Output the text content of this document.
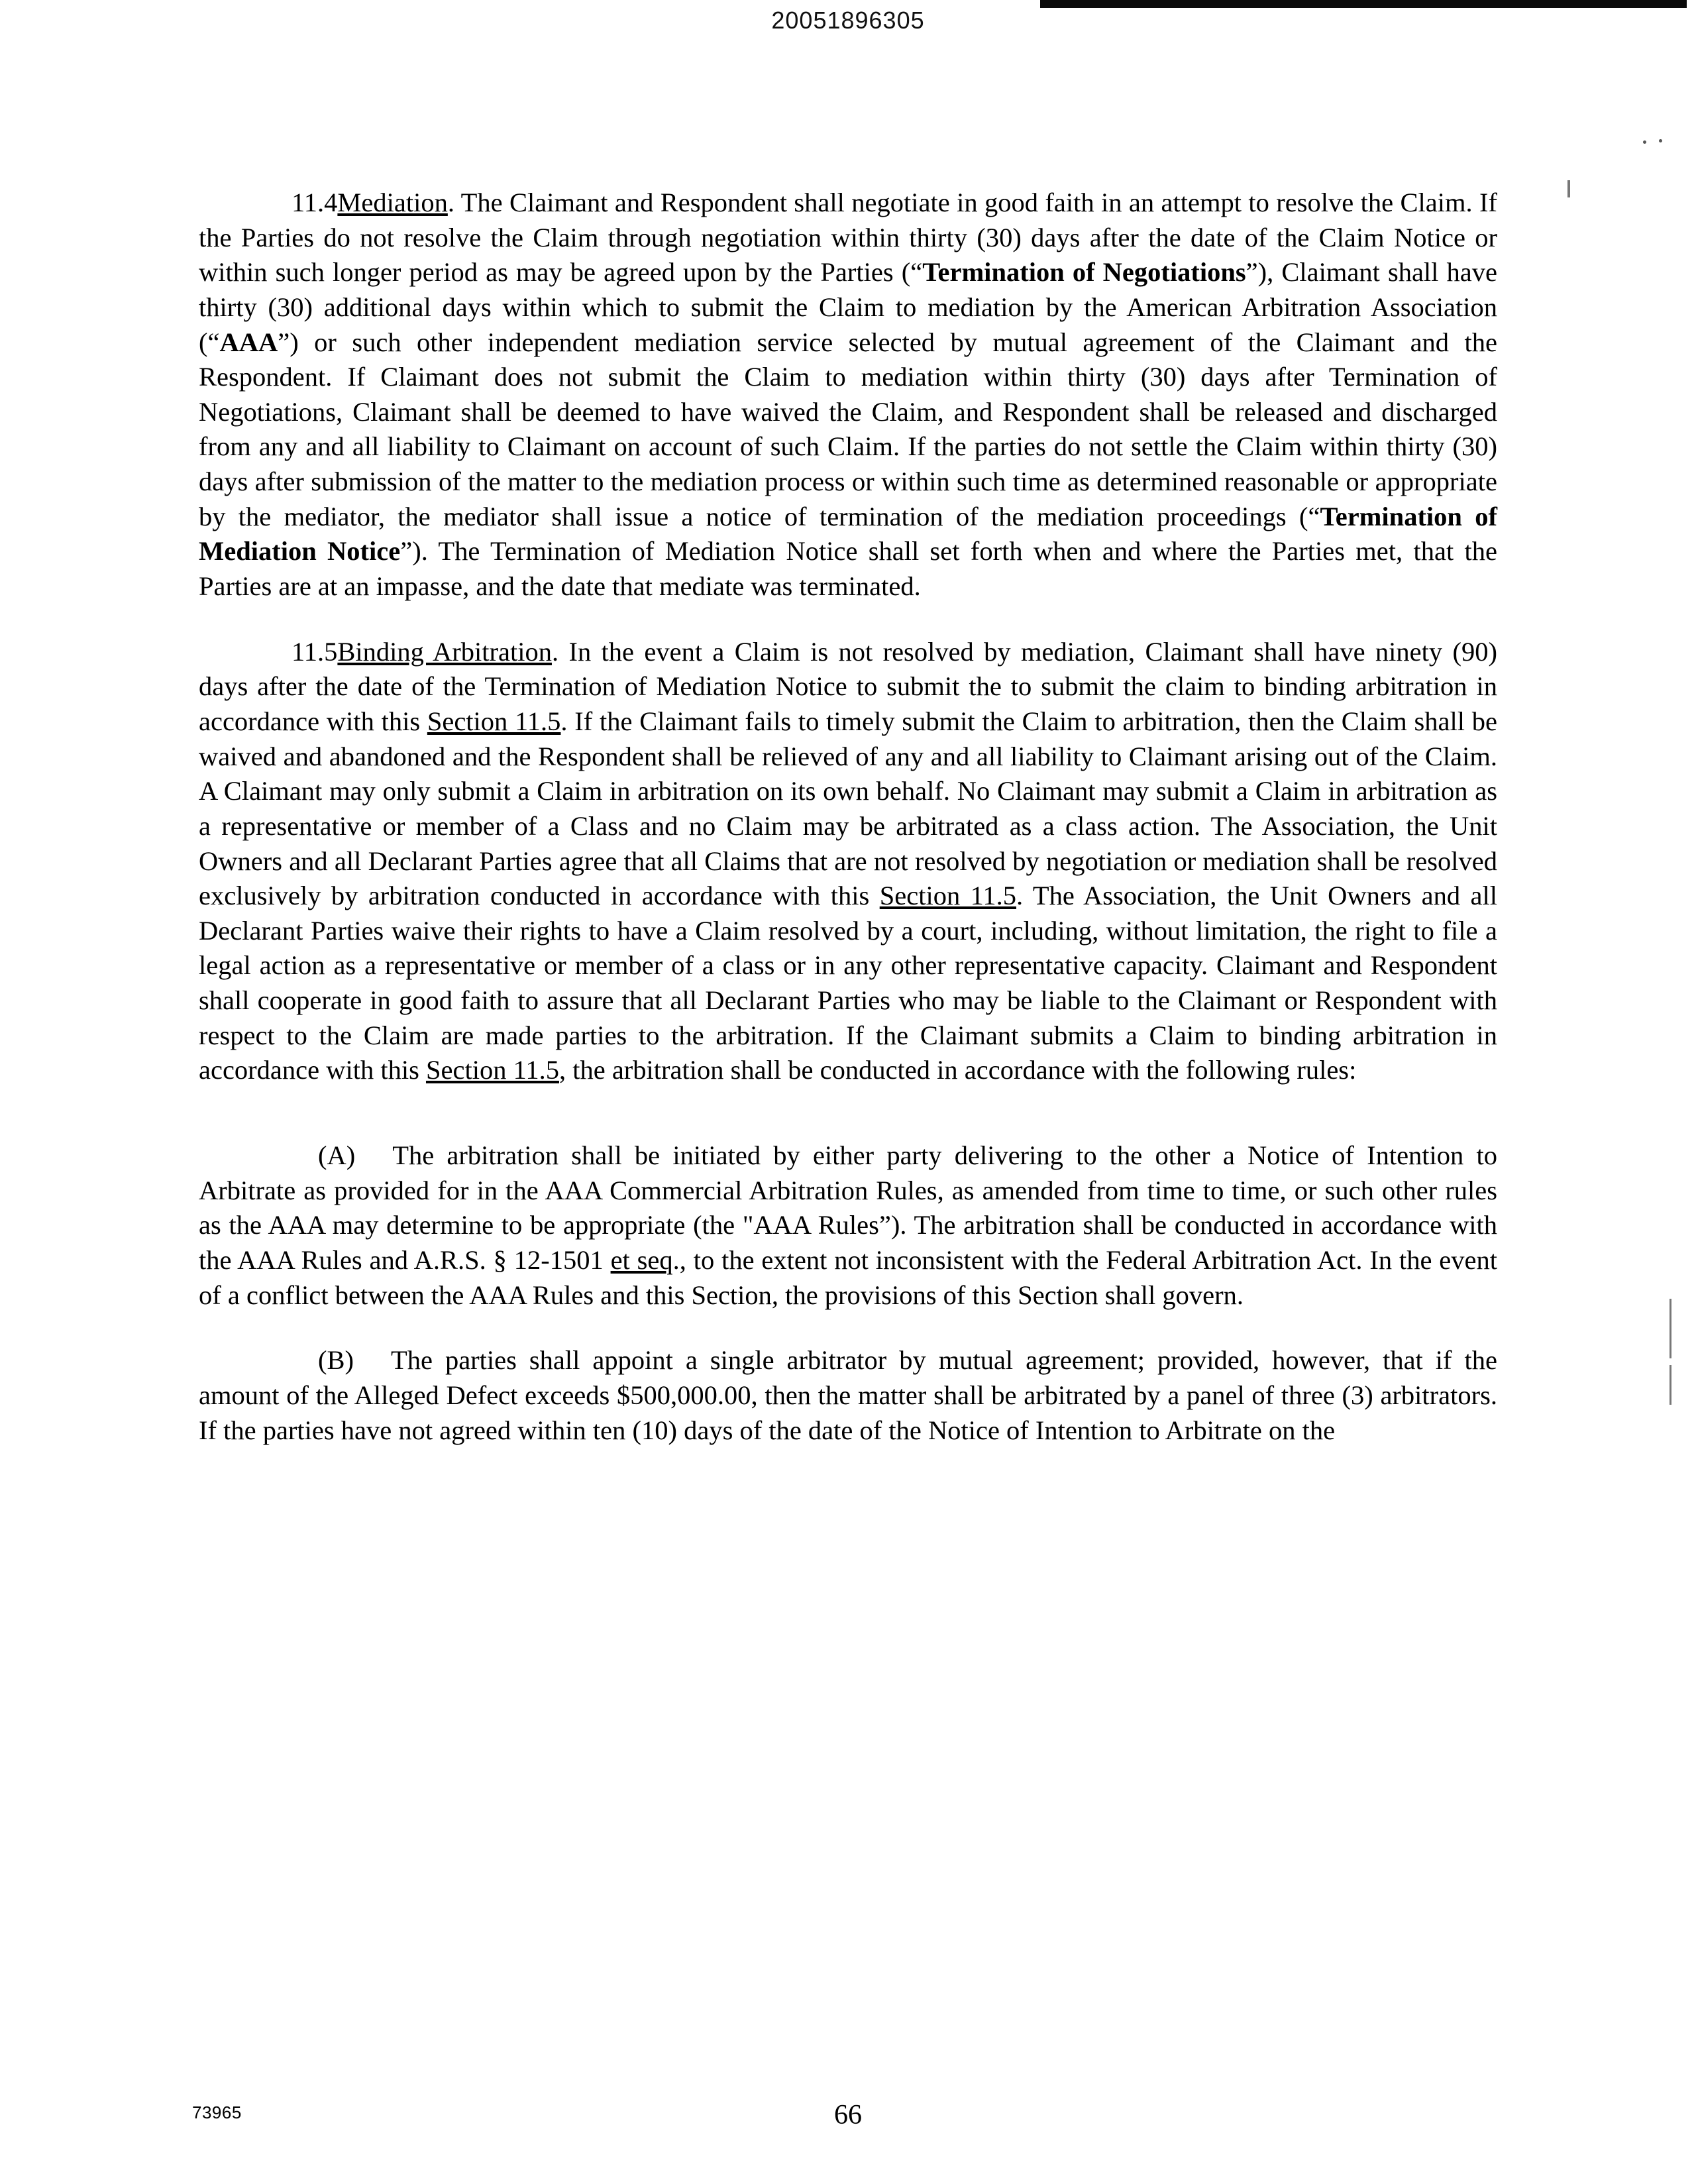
20051896305

11.4Mediation. The Claimant and Respondent shall negotiate in good faith in an attempt to resolve the Claim. If the Parties do not resolve the Claim through negotiation within thirty (30) days after the date of the Claim Notice or within such longer period as may be agreed upon by the Parties (“Termination of Negotiations”), Claimant shall have thirty (30) additional days within which to submit the Claim to mediation by the American Arbitration Association (“AAA”) or such other independent mediation service selected by mutual agreement of the Claimant and the Respondent. If Claimant does not submit the Claim to mediation within thirty (30) days after Termination of Negotiations, Claimant shall be deemed to have waived the Claim, and Respondent shall be released and discharged from any and all liability to Claimant on account of such Claim. If the parties do not settle the Claim within thirty (30) days after submission of the matter to the mediation process or within such time as determined reasonable or appropriate by the mediator, the mediator shall issue a notice of termination of the mediation proceedings (“Termination of Mediation Notice”). The Termination of Mediation Notice shall set forth when and where the Parties met, that the Parties are at an impasse, and the date that mediate was terminated.

11.5Binding Arbitration. In the event a Claim is not resolved by mediation, Claimant shall have ninety (90) days after the date of the Termination of Mediation Notice to submit the to submit the claim to binding arbitration in accordance with this Section 11.5. If the Claimant fails to timely submit the Claim to arbitration, then the Claim shall be waived and abandoned and the Respondent shall be relieved of any and all liability to Claimant arising out of the Claim. A Claimant may only submit a Claim in arbitration on its own behalf. No Claimant may submit a Claim in arbitration as a representative or member of a Class and no Claim may be arbitrated as a class action. The Association, the Unit Owners and all Declarant Parties agree that all Claims that are not resolved by negotiation or mediation shall be resolved exclusively by arbitration conducted in accordance with this Section 11.5. The Association, the Unit Owners and all Declarant Parties waive their rights to have a Claim resolved by a court, including, without limitation, the right to file a legal action as a representative or member of a class or in any other representative capacity. Claimant and Respondent shall cooperate in good faith to assure that all Declarant Parties who may be liable to the Claimant or Respondent with respect to the Claim are made parties to the arbitration. If the Claimant submits a Claim to binding arbitration in accordance with this Section 11.5, the arbitration shall be conducted in accordance with the following rules:

(A) The arbitration shall be initiated by either party delivering to the other a Notice of Intention to Arbitrate as provided for in the AAA Commercial Arbitration Rules, as amended from time to time, or such other rules as the AAA may determine to be appropriate (the "AAA Rules”). The arbitration shall be conducted in accordance with the AAA Rules and A.R.S. § 12-1501 et seq., to the extent not inconsistent with the Federal Arbitration Act. In the event of a conflict between the AAA Rules and this Section, the provisions of this Section shall govern.

(B) The parties shall appoint a single arbitrator by mutual agreement; provided, however, that if the amount of the Alleged Defect exceeds $500,000.00, then the matter shall be arbitrated by a panel of three (3) arbitrators. If the parties have not agreed within ten (10) days of the date of the Notice of Intention to Arbitrate on the

73965	66
